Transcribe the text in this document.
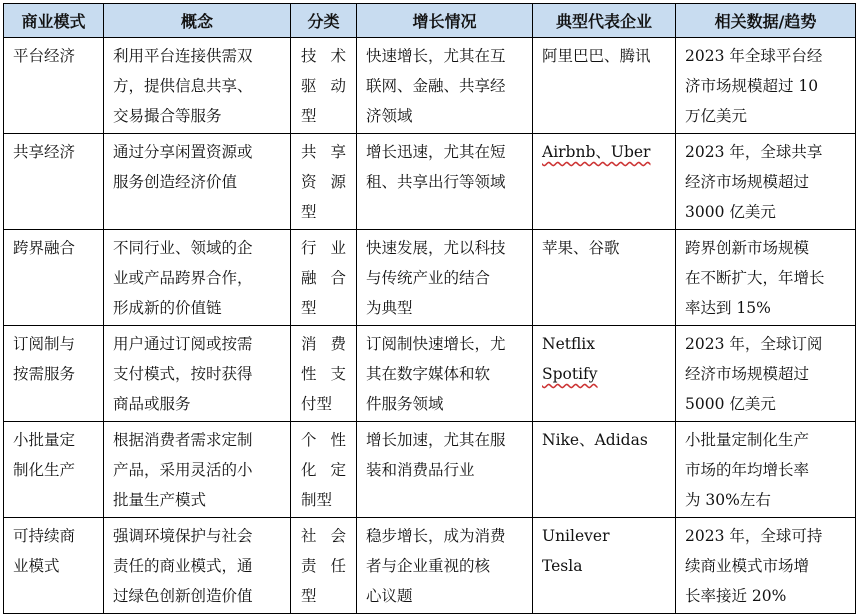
商业模式	概念	分类	增长情况	典型代表企业	相关数据/趋势

平台经济	利用平台连接供需双
方，提供信息共享、
交易撮合等服务	技 术
驱 动
型	快速增长，尤其在互
联网、金融、共享经
济领域	阿里巴巴、腾讯	2023 年全球平台经
济市场规模超过 10
万亿美元

共享经济	通过分享闲置资源或
服务创造经济价值	共 享
资 源
型	增长迅速，尤其在短
租、共享出行等领域	Airbnb、Uber	2023 年，全球共享
经济市场规模超过
3000 亿美元

跨界融合	不同行业、领域的企
业或产品跨界合作，
形成新的价值链	行 业
融 合
型	快速发展，尤以科技
与传统产业的结合
为典型	苹果、谷歌	跨界创新市场规模
在不断扩大，年增长
率达到 15%

订阅制与
按需服务	用户通过订阅或按需
支付模式，按时获得
商品或服务	消 费
性 支
付型	订阅制快速增长，尤
其在数字媒体和软
件服务领域	Netflix
Spotify	2023 年，全球订阅
经济市场规模超过
5000 亿美元

小批量定
制化生产	根据消费者需求定制
产品，采用灵活的小
批量生产模式	个 性
化 定
制型	增长加速，尤其在服
装和消费品行业	Nike、Adidas	小批量定制化生产
市场的年均增长率
为 30%左右

可持续商
业模式	强调环境保护与社会
责任的商业模式，通
过绿色创新创造价值	社 会
责 任
型	稳步增长，成为消费
者与企业重视的核
心议题	Unilever
Tesla	2023 年，全球可持
续商业模式市场增
长率接近 20%
